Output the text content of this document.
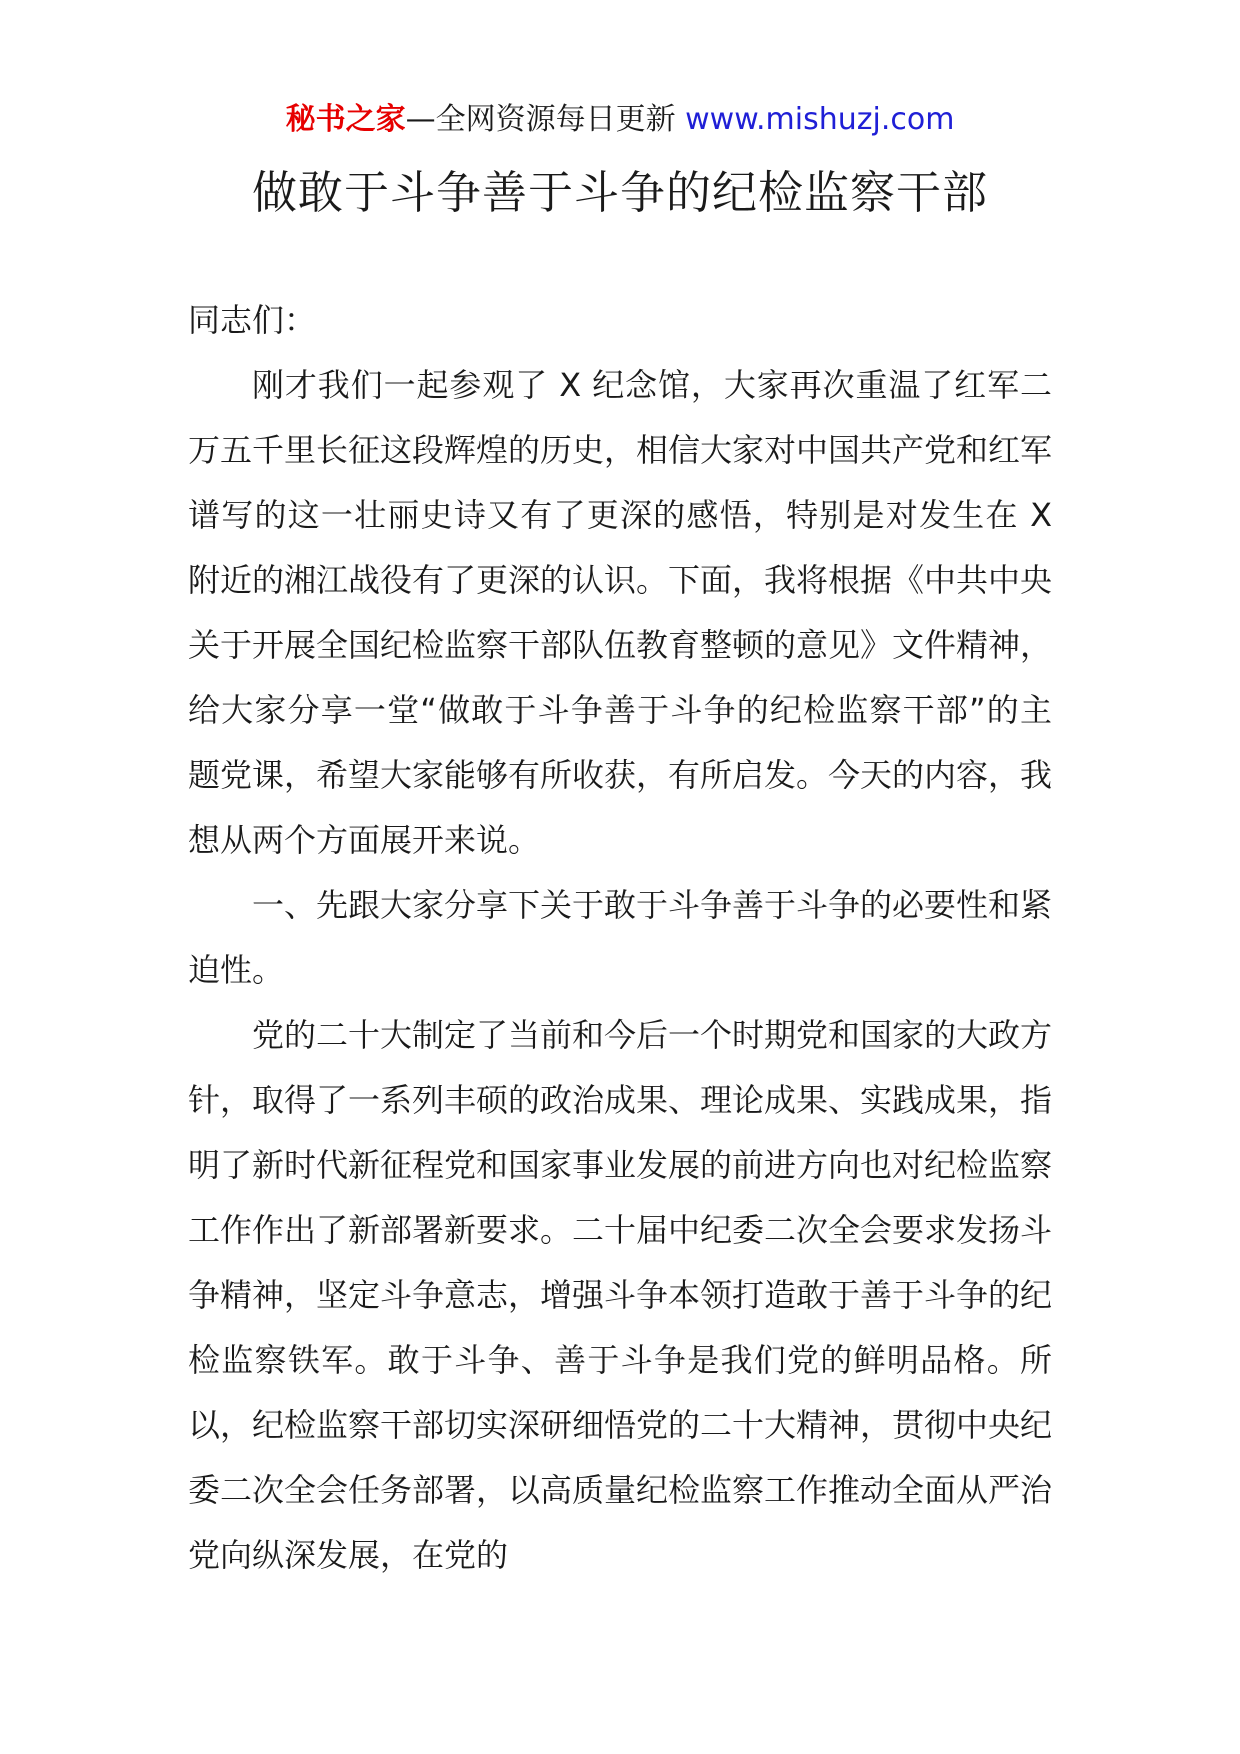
秘书之家—全网资源每日更新 www.mishuzj.com
做敢于斗争善于斗争的纪检监察干部

同志们：

刚才我们一起参观了 X 纪念馆，大家再次重温了红军二万五千里长征这段辉煌的历史，相信大家对中国共产党和红军谱写的这一壮丽史诗又有了更深的感悟，特别是对发生在 X 附近的湘江战役有了更深的认识。下面，我将根据《中共中央关于开展全国纪检监察干部队伍教育整顿的意见》文件精神，给大家分享一堂“做敢于斗争善于斗争的纪检监察干部”的主题党课，希望大家能够有所收获，有所启发。今天的内容，我想从两个方面展开来说。

一、先跟大家分享下关于敢于斗争善于斗争的必要性和紧迫性。

党的二十大制定了当前和今后一个时期党和国家的大政方针，取得了一系列丰硕的政治成果、理论成果、实践成果，指明了新时代新征程党和国家事业发展的前进方向也对纪检监察工作作出了新部署新要求。二十届中纪委二次全会要求发扬斗争精神，坚定斗争意志，增强斗争本领打造敢于善于斗争的纪检监察铁军。敢于斗争、善于斗争是我们党的鲜明品格。所以，纪检监察干部切实深研细悟党的二十大精神，贯彻中央纪委二次全会任务部署，以高质量纪检监察工作推动全面从严治党向纵深发展，在党的
